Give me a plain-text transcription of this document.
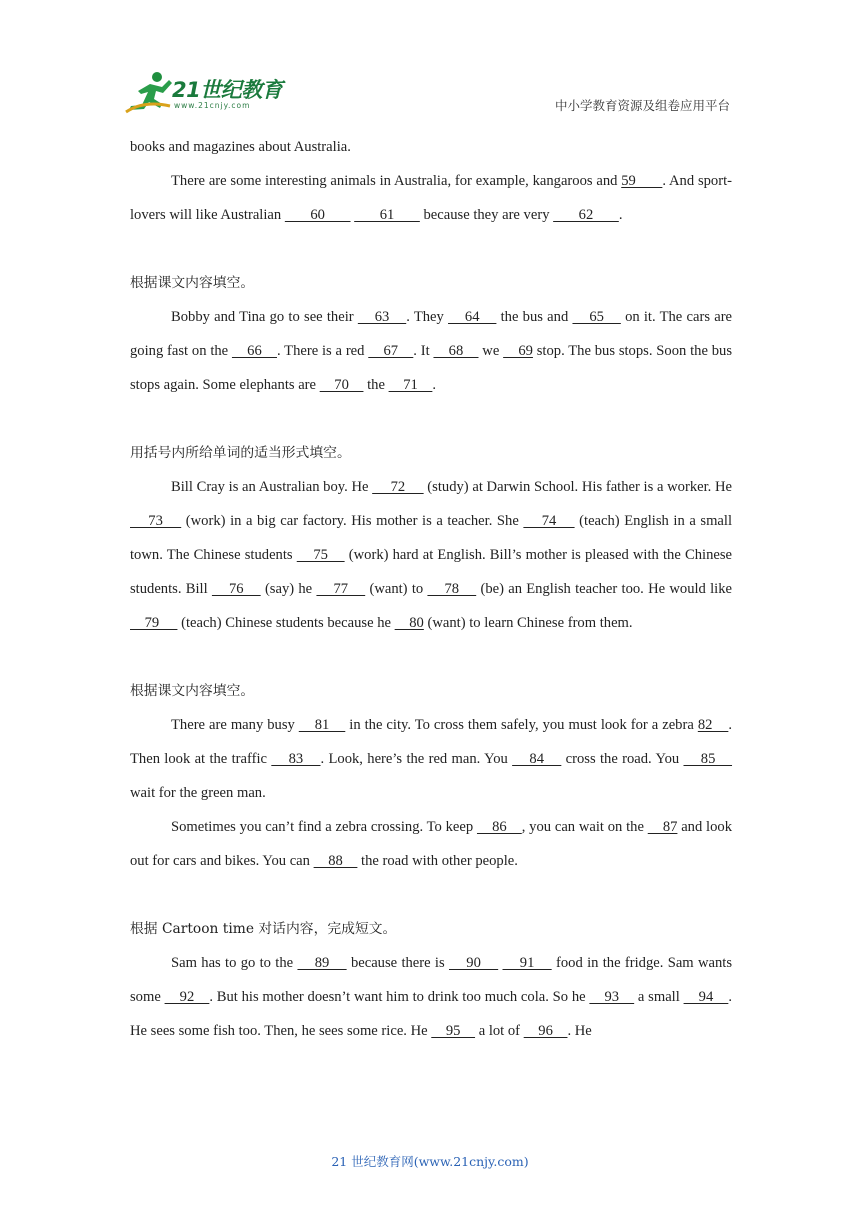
21世纪教育
www.21cnjy.com	中小学教育资源及组卷应用平台

books and magazines about Australia.

There are some interesting animals in Australia, for example, kangaroos and 59       . And sport-lovers will like Australian        60               61        because they are very        62       .

根据课文内容填空。

Bobby and Tina go to see their     63    . They     64     the bus and     65     on it. The cars are going fast on the     66    . There is a red     67    . It     68     we     69 stop. The bus stops. Soon the bus stops again. Some elephants are     70     the     71    .

用括号内所给单词的适当形式填空。

Bill Cray is an Australian boy. He      72      (study) at Darwin School. His father is a worker. He     73     (work) in a big car factory. His mother is a teacher. She     74     (teach) English in a small town. The Chinese students     75     (work) hard at English. Bill’s mother is pleased with the Chinese students. Bill     76     (say) he     77     (want) to     78     (be) an English teacher too. He would like     79      (teach) Chinese students because he     80 (want) to learn Chinese from them.

根据课文内容填空。

There are many busy     81     in the city. To cross them safely, you must look for a zebra 82    . Then look at the traffic     83    . Look, here’s the red man. You     84     cross the road. You     85     wait for the green man.

Sometimes you can’t find a zebra crossing. To keep     86    , you can wait on the     87 and look out for cars and bikes. You can     88     the road with other people.

根据 Cartoon time 对话内容，完成短文。

Sam has to go to the     89     because there is     90         91     food in the fridge. Sam wants some     92    . But his mother doesn’t want him to drink too much cola. So he     93     a small     94    . He sees some fish too. Then, he sees some rice. He     95     a lot of     96    . He

21 世纪教育网(www.21cnjy.com)
